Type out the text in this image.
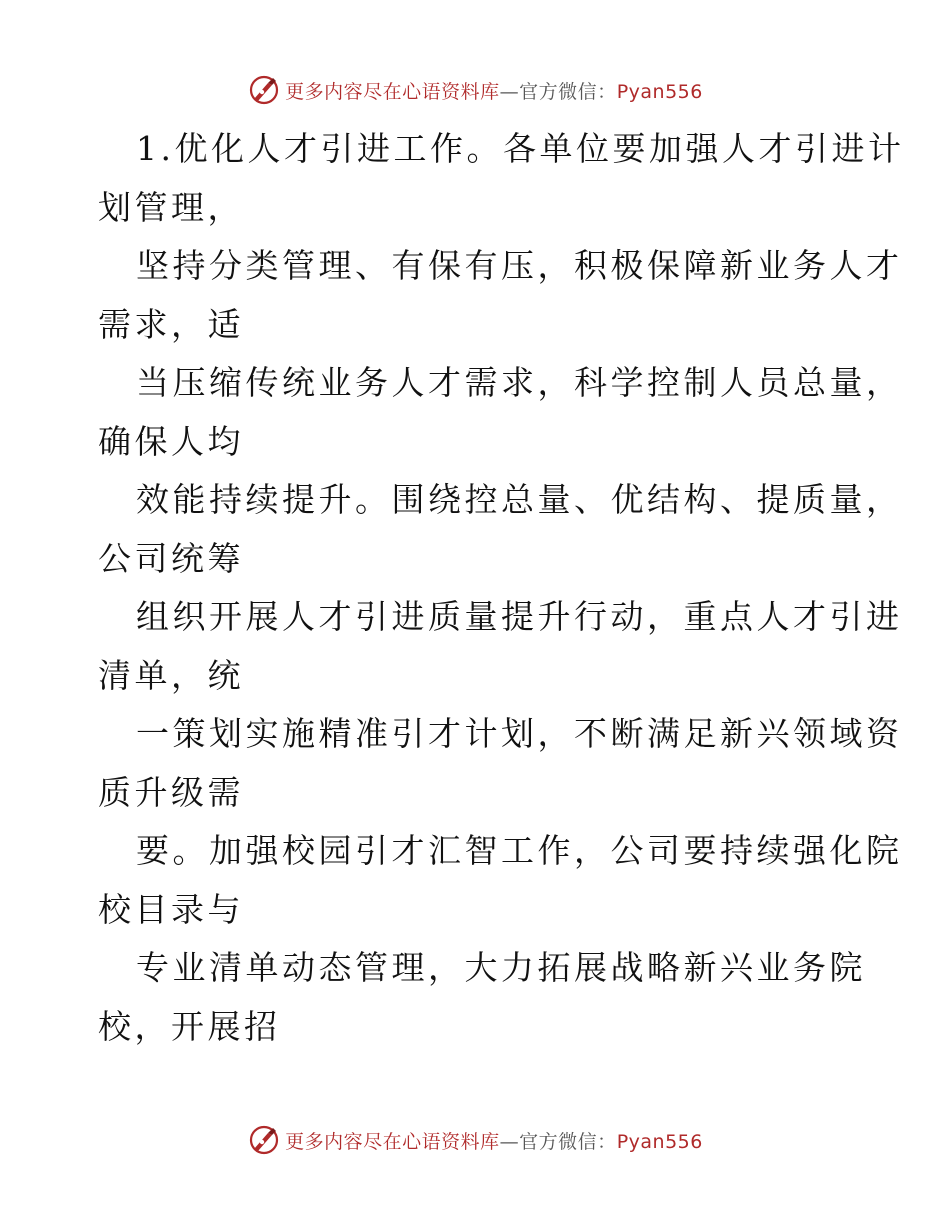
更多内容尽在心语资料库—官方微信：Pyan556
1.优化人才引进工作。各单位要加强人才引进计
划管理，
坚持分类管理、有保有压，积极保障新业务人才
需求，适
当压缩传统业务人才需求，科学控制人员总量，
确保人均
效能持续提升。围绕控总量、优结构、提质量，
公司统筹
组织开展人才引进质量提升行动，重点人才引进
清单，统
一策划实施精准引才计划，不断满足新兴领域资
质升级需
要。加强校园引才汇智工作，公司要持续强化院
校目录与
专业清单动态管理，大力拓展战略新兴业务院
校，开展招
更多内容尽在心语资料库—官方微信：Pyan556
